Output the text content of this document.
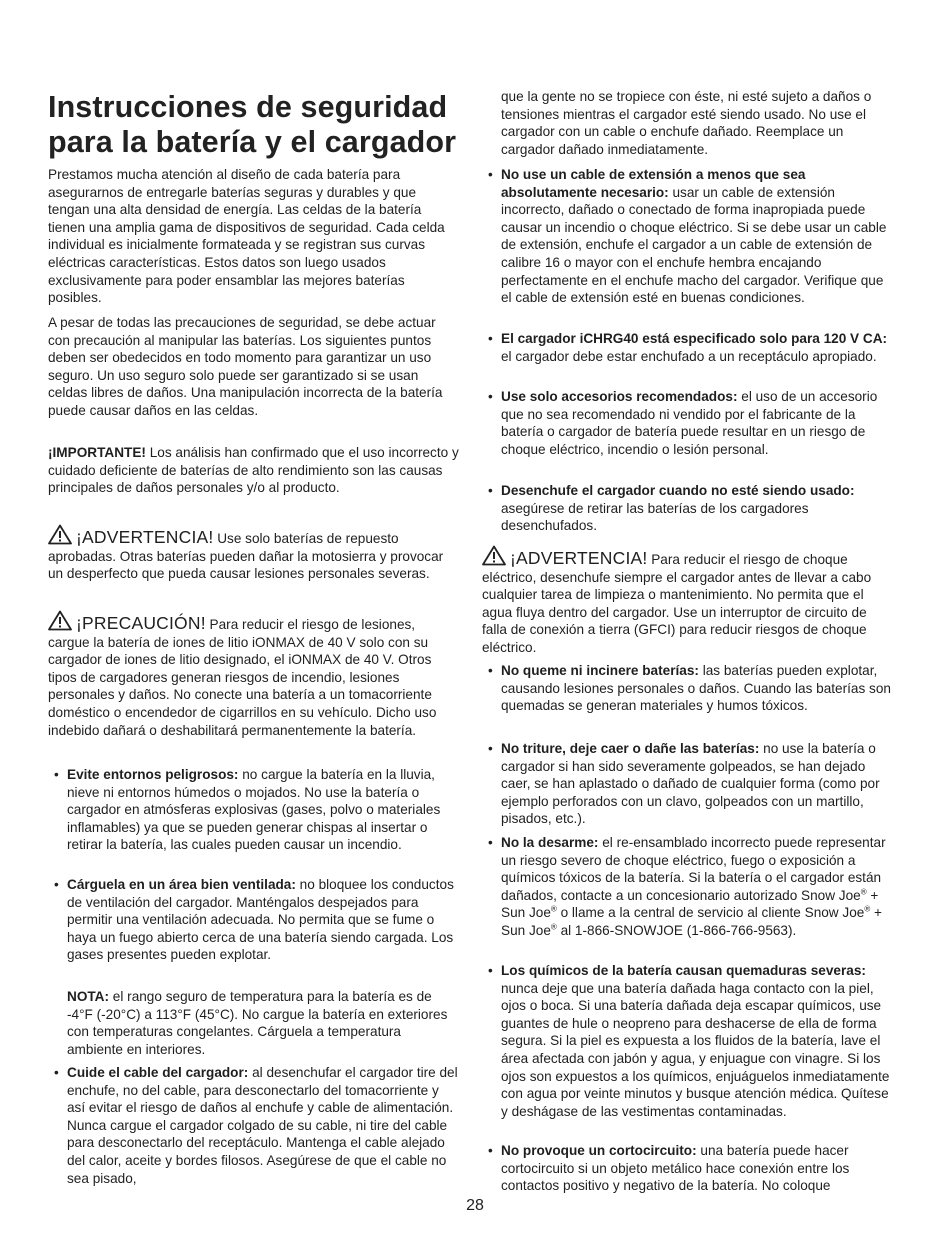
Instrucciones de seguridad para la batería y el cargador

Prestamos mucha atención al diseño de cada batería para asegurarnos de entregarle baterías seguras y durables y que tengan una alta densidad de energía. Las celdas de la batería tienen una amplia gama de dispositivos de seguridad. Cada celda individual es inicialmente formateada y se registran sus curvas eléctricas características. Estos datos son luego usados exclusivamente para poder ensamblar las mejores baterías posibles.

A pesar de todas las precauciones de seguridad, se debe actuar con precaución al manipular las baterías. Los siguientes puntos deben ser obedecidos en todo momento para garantizar un uso seguro. Un uso seguro solo puede ser garantizado si se usan celdas libres de daños. Una manipulación incorrecta de la batería puede causar daños en las celdas.

¡IMPORTANTE! Los análisis han confirmado que el uso incorrecto y cuidado deficiente de baterías de alto rendimiento son las causas principales de daños personales y/o al producto.

¡ADVERTENCIA! Use solo baterías de repuesto aprobadas. Otras baterías pueden dañar la motosierra y provocar un desperfecto que pueda causar lesiones personales severas.

¡PRECAUCIÓN! Para reducir el riesgo de lesiones, cargue la batería de iones de litio iONMAX de 40 V solo con su cargador de iones de litio designado, el iONMAX de 40 V. Otros tipos de cargadores generan riesgos de incendio, lesiones personales y daños. No conecte una batería a un tomacorriente doméstico o encendedor de cigarrillos en su vehículo. Dicho uso indebido dañará o deshabilitará permanentemente la batería.

• Evite entornos peligrosos: no cargue la batería en la lluvia, nieve ni entornos húmedos o mojados. No use la batería o cargador en atmósferas explosivas (gases, polvo o materiales inflamables) ya que se pueden generar chispas al insertar o retirar la batería, las cuales pueden causar un incendio.

• Cárguela en un área bien ventilada: no bloquee los conductos de ventilación del cargador. Manténgalos despejados para permitir una ventilación adecuada. No permita que se fume o haya un fuego abierto cerca de una batería siendo cargada. Los gases presentes pueden explotar.

NOTA: el rango seguro de temperatura para la batería es de -4°F (-20°C) a 113°F (45°C). No cargue la batería en exteriores con temperaturas congelantes. Cárguela a temperatura ambiente en interiores.

• Cuide el cable del cargador: al desenchufar el cargador tire del enchufe, no del cable, para desconectarlo del tomacorriente y así evitar el riesgo de daños al enchufe y cable de alimentación. Nunca cargue el cargador colgado de su cable, ni tire del cable para desconectarlo del receptáculo. Mantenga el cable alejado del calor, aceite y bordes filosos. Asegúrese de que el cable no sea pisado,

que la gente no se tropiece con éste, ni esté sujeto a daños o tensiones mientras el cargador esté siendo usado. No use el cargador con un cable o enchufe dañado. Reemplace un cargador dañado inmediatamente.

• No use un cable de extensión a menos que sea absolutamente necesario: usar un cable de extensión incorrecto, dañado o conectado de forma inapropiada puede causar un incendio o choque eléctrico. Si se debe usar un cable de extensión, enchufe el cargador a un cable de extensión de calibre 16 o mayor con el enchufe hembra encajando perfectamente en el enchufe macho del cargador. Verifique que el cable de extensión esté en buenas condiciones.

• El cargador iCHRG40 está especificado solo para 120 V CA: el cargador debe estar enchufado a un receptáculo apropiado.

• Use solo accesorios recomendados: el uso de un accesorio que no sea recomendado ni vendido por el fabricante de la batería o cargador de batería puede resultar en un riesgo de choque eléctrico, incendio o lesión personal.

• Desenchufe el cargador cuando no esté siendo usado: asegúrese de retirar las baterías de los cargadores desenchufados.

¡ADVERTENCIA! Para reducir el riesgo de choque eléctrico, desenchufe siempre el cargador antes de llevar a cabo cualquier tarea de limpieza o mantenimiento. No permita que el agua fluya dentro del cargador. Use un interruptor de circuito de falla de conexión a tierra (GFCI) para reducir riesgos de choque eléctrico.

• No queme ni incinere baterías: las baterías pueden explotar, causando lesiones personales o daños. Cuando las baterías son quemadas se generan materiales y humos tóxicos.

• No triture, deje caer o dañe las baterías: no use la batería o cargador si han sido severamente golpeados, se han dejado caer, se han aplastado o dañado de cualquier forma (como por ejemplo perforados con un clavo, golpeados con un martillo, pisados, etc.).

• No la desarme: el re-ensamblado incorrecto puede representar un riesgo severo de choque eléctrico, fuego o exposición a químicos tóxicos de la batería. Si la batería o el cargador están dañados, contacte a un concesionario autorizado Snow Joe® + Sun Joe® o llame a la central de servicio al cliente Snow Joe® + Sun Joe® al 1-866-SNOWJOE (1-866-766-9563).

• Los químicos de la batería causan quemaduras severas: nunca deje que una batería dañada haga contacto con la piel, ojos o boca. Si una batería dañada deja escapar químicos, use guantes de hule o neopreno para deshacerse de ella de forma segura. Si la piel es expuesta a los fluidos de la batería, lave el área afectada con jabón y agua, y enjuague con vinagre. Si los ojos son expuestos a los químicos, enjuáguelos inmediatamente con agua por veinte minutos y busque atención médica. Quítese y deshágase de las vestimentas contaminadas.

• No provoque un cortocircuito: una batería puede hacer cortocircuito si un objeto metálico hace conexión entre los contactos positivo y negativo de la batería. No coloque

28
